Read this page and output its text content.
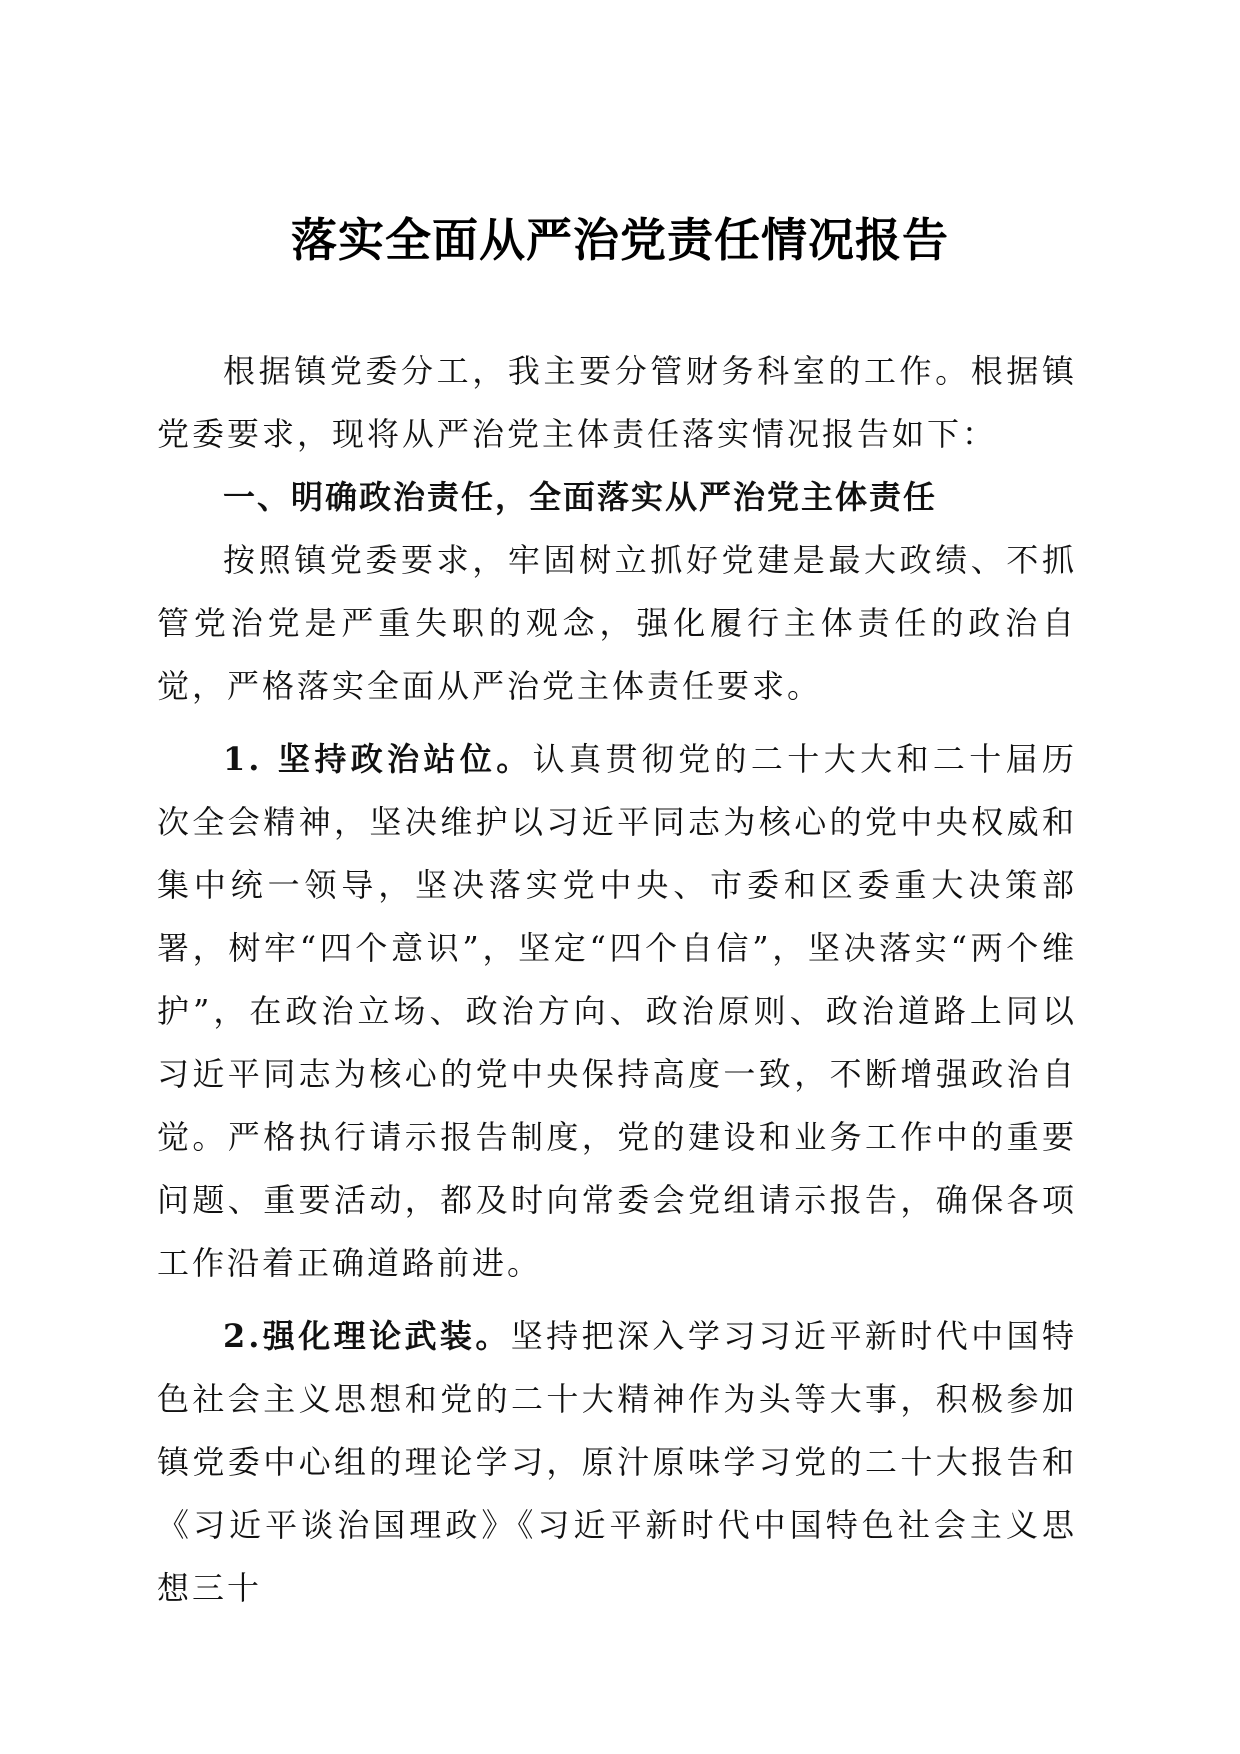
落实全面从严治党责任情况报告

根据镇党委分工，我主要分管财务科室的工作。根据镇党委要求，现将从严治党主体责任落实情况报告如下：

一、明确政治责任，全面落实从严治党主体责任

按照镇党委要求，牢固树立抓好党建是最大政绩、不抓管党治党是严重失职的观念，强化履行主体责任的政治自觉，严格落实全面从严治党主体责任要求。

1. 坚持政治站位。认真贯彻党的二十大大和二十届历次全会精神，坚决维护以习近平同志为核心的党中央权威和集中统一领导，坚决落实党中央、市委和区委重大决策部署，树牢“四个意识”，坚定“四个自信”，坚决落实“两个维护”，在政治立场、政治方向、政治原则、政治道路上同以习近平同志为核心的党中央保持高度一致，不断增强政治自觉。严格执行请示报告制度，党的建设和业务工作中的重要问题、重要活动，都及时向常委会党组请示报告，确保各项工作沿着正确道路前进。

2.强化理论武装。坚持把深入学习习近平新时代中国特色社会主义思想和党的二十大精神作为头等大事，积极参加镇党委中心组的理论学习，原汁原味学习党的二十大报告和《习近平谈治国理政》《习近平新时代中国特色社会主义思想三十
